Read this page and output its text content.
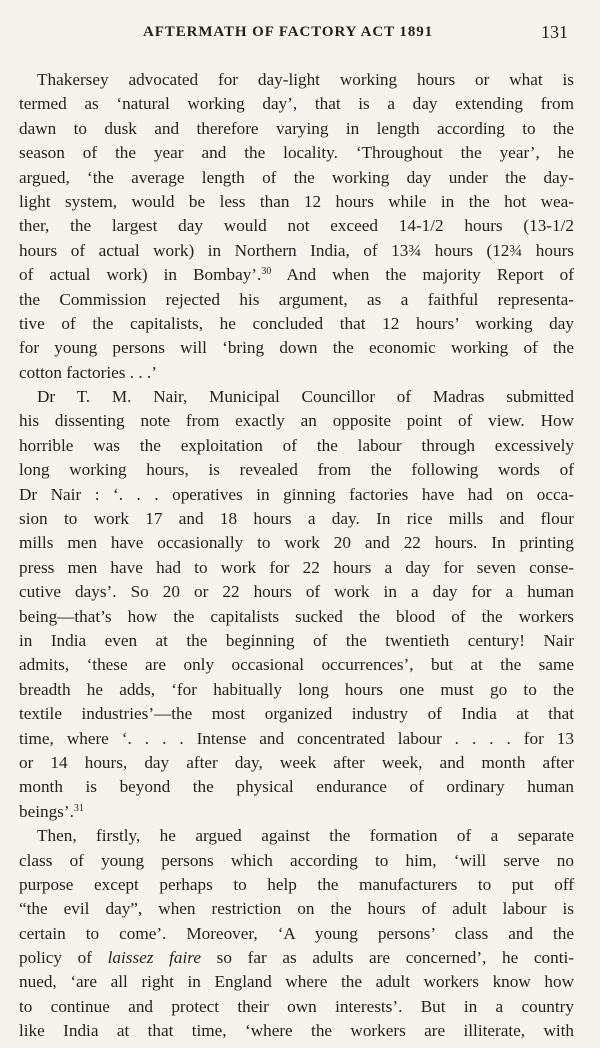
AFTERMATH OF FACTORY ACT 1891	131
Thakersey advocated for day-light working hours or what is
termed as ‘natural working day’, that is a day extending from
dawn to dusk and therefore varying in length according to the
season of the year and the locality. ‘Throughout the year’, he
argued, ‘the average length of the working day under the day-
light system, would be less than 12 hours while in the hot wea-
ther, the largest day would not exceed 14-1/2 hours (13-1/2
hours of actual work) in Northern India, of 13¾ hours (12¾ hours
of actual work) in Bombay’.$^{30}$ And when the majority Report of
the Commission rejected his argument, as a faithful representa-
tive of the capitalists, he concluded that 12 hours’ working day
for young persons will ‘bring down the economic working of the
cotton factories . . .’
Dr T. M. Nair, Municipal Councillor of Madras submitted
his dissenting note from exactly an opposite point of view. How
horrible was the exploitation of the labour through excessively
long working hours, is revealed from the following words of
Dr Nair : ‘. . . operatives in ginning factories have had on occa-
sion to work 17 and 18 hours a day. In rice mills and flour
mills men have occasionally to work 20 and 22 hours. In printing
press men have had to work for 22 hours a day for seven conse-
cutive days’. So 20 or 22 hours of work in a day for a human
being—that’s how the capitalists sucked the blood of the workers
in India even at the beginning of the twentieth century! Nair
admits, ‘these are only occasional occurrences’, but at the same
breadth he adds, ‘for habitually long hours one must go to the
textile industries’—the most organized industry of India at that
time, where ‘. . . . Intense and concentrated labour . . . . for 13
or 14 hours, day after day, week after week, and month after
month is beyond the physical endurance of ordinary human
beings’.$^{31}$
Then, firstly, he argued against the formation of a separate
class of young persons which according to him, ‘will serve no
purpose except perhaps to help the manufacturers to put off
“the evil day”, when restriction on the hours of adult labour is
certain to come’. Moreover, ‘A young persons’ class and the
policy of laissez faire so far as adults are concerned’, he conti-
nued, ‘are all right in England where the adult workers know how
to continue and protect their own interests’. But in a country
like India at that time, ‘where the workers are illiterate, with
